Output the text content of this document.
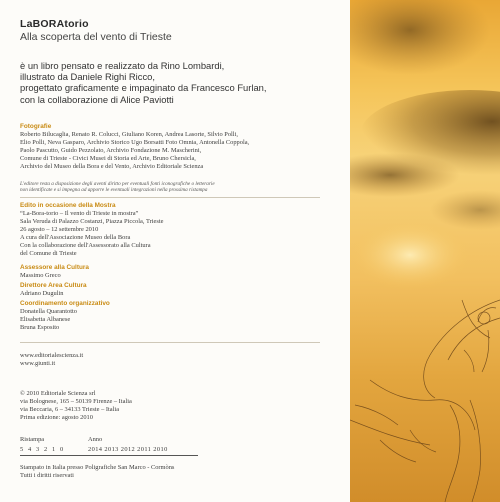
LaBORAtorio
Alla scoperta del vento di Trieste
è un libro pensato e realizzato da Rino Lombardi,
illustrato da Daniele Righi Ricco,
progettato graficamente e impaginato da Francesco Furlan,
con la collaborazione di Alice Paviotti
Fotografie
Roberto Bilucaglia, Renato R. Colucci, Giuliano Koren, Andrea Lasorte, Silvio Polli,
Elio Polli, Neva Gasparo, Archivio Storico Ugo Borsatti Foto Omnia, Antonella Coppola,
Paolo Pascutto, Guido Pezzolato, Archivio Fondazione M. Mascherini,
Comune di Trieste - Civici Musei di Storia ed Arte, Bruno Chersicla,
Archivio del Museo della Bora e del Vento, Archivio Editoriale Scienza
L'editore resta a disposizione degli aventi diritto per eventuali fonti iconografiche o letterarie
non identificate e si impegna ad apporre le eventuali integrazioni nella prossima ristampa
Edito in occasione della Mostra
“La-Bora-torio – Il vento di Trieste in mostra”
Sala Veruda di Palazzo Costanzi, Piazza Piccola, Trieste
26 agosto – 12 settembre 2010
A cura dell'Associazione Museo della Bora
Con la collaborazione dell'Assessorato alla Cultura
del Comune di Trieste
Assessore alla Cultura
Massimo Greco
Direttore Area Cultura
Adriano Dugulin
Coordinamento organizzativo
Donatella Quarantotto
Elisabetta Albanese
Bruna Esposito
www.editorialescienza.it
www.giunti.it
© 2010 Editoriale Scienza srl
via Bolognese, 165 – 50139 Firenze – Italia
via Beccaria, 6 – 34133 Trieste – Italia
Prima edizione: agosto 2010
Ristampa	Anno
5 4 3 2 1 0	2014 2013 2012 2011 2010
Stampato in Italia presso Poligrafiche San Marco - Cormòns
Tutti i diritti riservati
